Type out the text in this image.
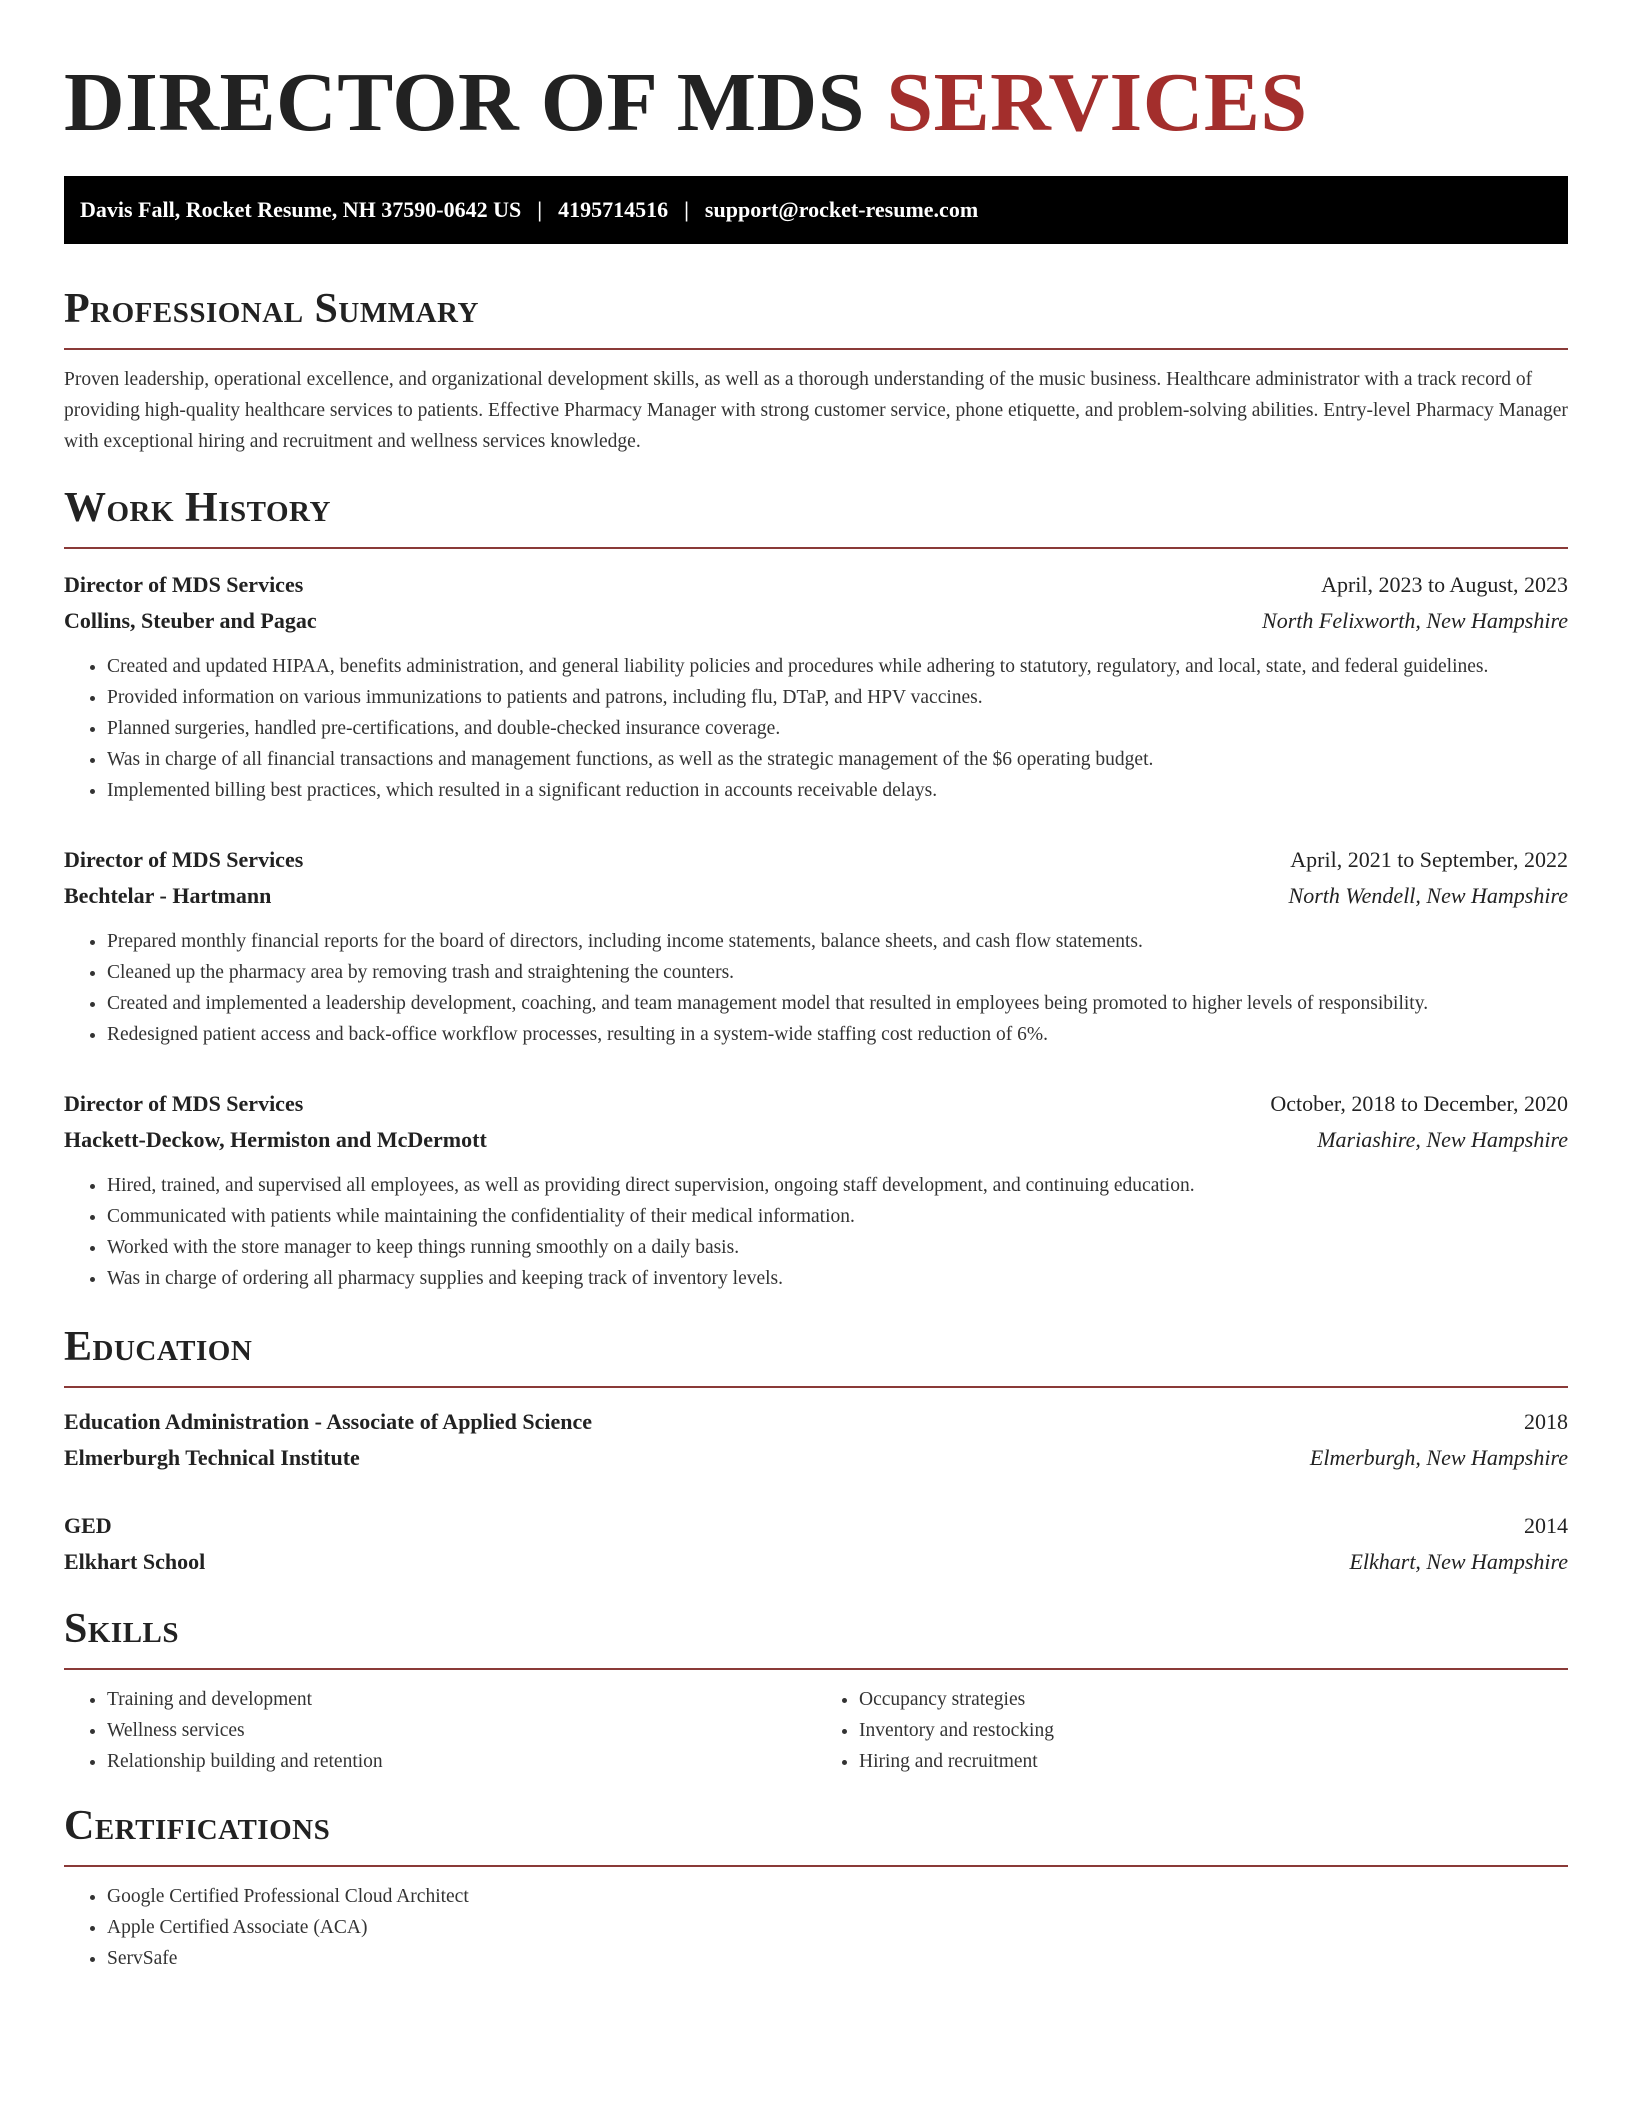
DIRECTOR OF MDS SERVICES
Davis Fall, Rocket Resume, NH 37590-0642 US | 4195714516 | support@rocket-resume.com
Professional Summary

Proven leadership, operational excellence, and organizational development skills, as well as a thorough understanding of the music business. Healthcare administrator with a track record of providing high-quality healthcare services to patients. Effective Pharmacy Manager with strong customer service, phone etiquette, and problem-solving abilities. Entry-level Pharmacy Manager with exceptional hiring and recruitment and wellness services knowledge.

Work History
Director of MDS Services	April, 2023 to August, 2023
Collins, Steuber and Pagac	North Felixworth, New Hampshire
• Created and updated HIPAA, benefits administration, and general liability policies and procedures while adhering to statutory, regulatory, and local, state, and federal guidelines.
• Provided information on various immunizations to patients and patrons, including flu, DTaP, and HPV vaccines.
• Planned surgeries, handled pre-certifications, and double-checked insurance coverage.
• Was in charge of all financial transactions and management functions, as well as the strategic management of the $6 operating budget.
• Implemented billing best practices, which resulted in a significant reduction in accounts receivable delays.
Director of MDS Services	April, 2021 to September, 2022
Bechtelar - Hartmann	North Wendell, New Hampshire
• Prepared monthly financial reports for the board of directors, including income statements, balance sheets, and cash flow statements.
• Cleaned up the pharmacy area by removing trash and straightening the counters.
• Created and implemented a leadership development, coaching, and team management model that resulted in employees being promoted to higher levels of responsibility.
• Redesigned patient access and back-office workflow processes, resulting in a system-wide staffing cost reduction of 6%.
Director of MDS Services	October, 2018 to December, 2020
Hackett-Deckow, Hermiston and McDermott	Mariashire, New Hampshire
• Hired, trained, and supervised all employees, as well as providing direct supervision, ongoing staff development, and continuing education.
• Communicated with patients while maintaining the confidentiality of their medical information.
• Worked with the store manager to keep things running smoothly on a daily basis.
• Was in charge of ordering all pharmacy supplies and keeping track of inventory levels.
Education
Education Administration - Associate of Applied Science	2018
Elmerburgh Technical Institute	Elmerburgh, New Hampshire
GED	2014
Elkhart School	Elkhart, New Hampshire
Skills
• Training and development
• Wellness services
• Relationship building and retention
• Occupancy strategies
• Inventory and restocking
• Hiring and recruitment
Certifications
• Google Certified Professional Cloud Architect
• Apple Certified Associate (ACA)
• ServSafe
